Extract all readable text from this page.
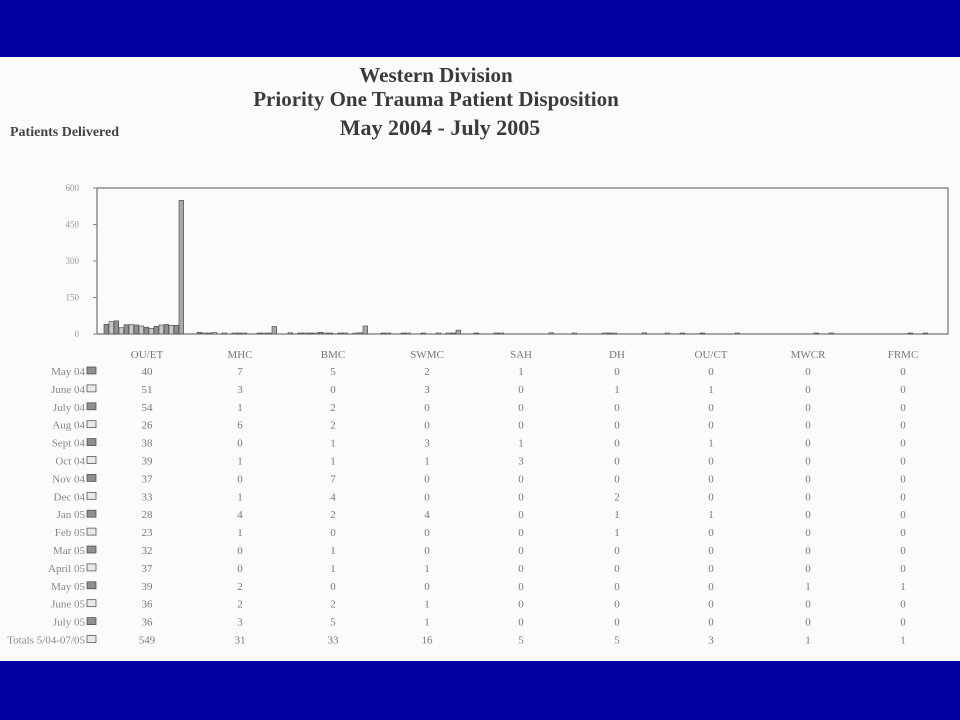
Western Division
Priority One Trauma Patient Disposition
May 2004 - July 2005
Patients Delivered
0
150
300
450
600
OU/ET	MHC	BMC	SWMC	SAH	DH	OU/CT	MWCR	FRMC
May 04	40	7	5	2	1	0	0	0	0
June 04	51	3	0	3	0	1	1	0	0
July 04	54	1	2	0	0	0	0	0	0
Aug 04	26	6	2	0	0	0	0	0	0
Sept 04	38	0	1	3	1	0	1	0	0
Oct 04	39	1	1	1	3	0	0	0	0
Nov 04	37	0	7	0	0	0	0	0	0
Dec 04	33	1	4	0	0	2	0	0	0
Jan 05	28	4	2	4	0	1	1	0	0
Feb 05	23	1	0	0	0	1	0	0	0
Mar 05	32	0	1	0	0	0	0	0	0
April 05	37	0	1	1	0	0	0	0	0
May 05	39	2	0	0	0	0	0	1	1
June 05	36	2	2	1	0	0	0	0	0
July 05	36	3	5	1	0	0	0	0	0
Totals 5/04-07/05	549	31	33	16	5	5	3	1	1
